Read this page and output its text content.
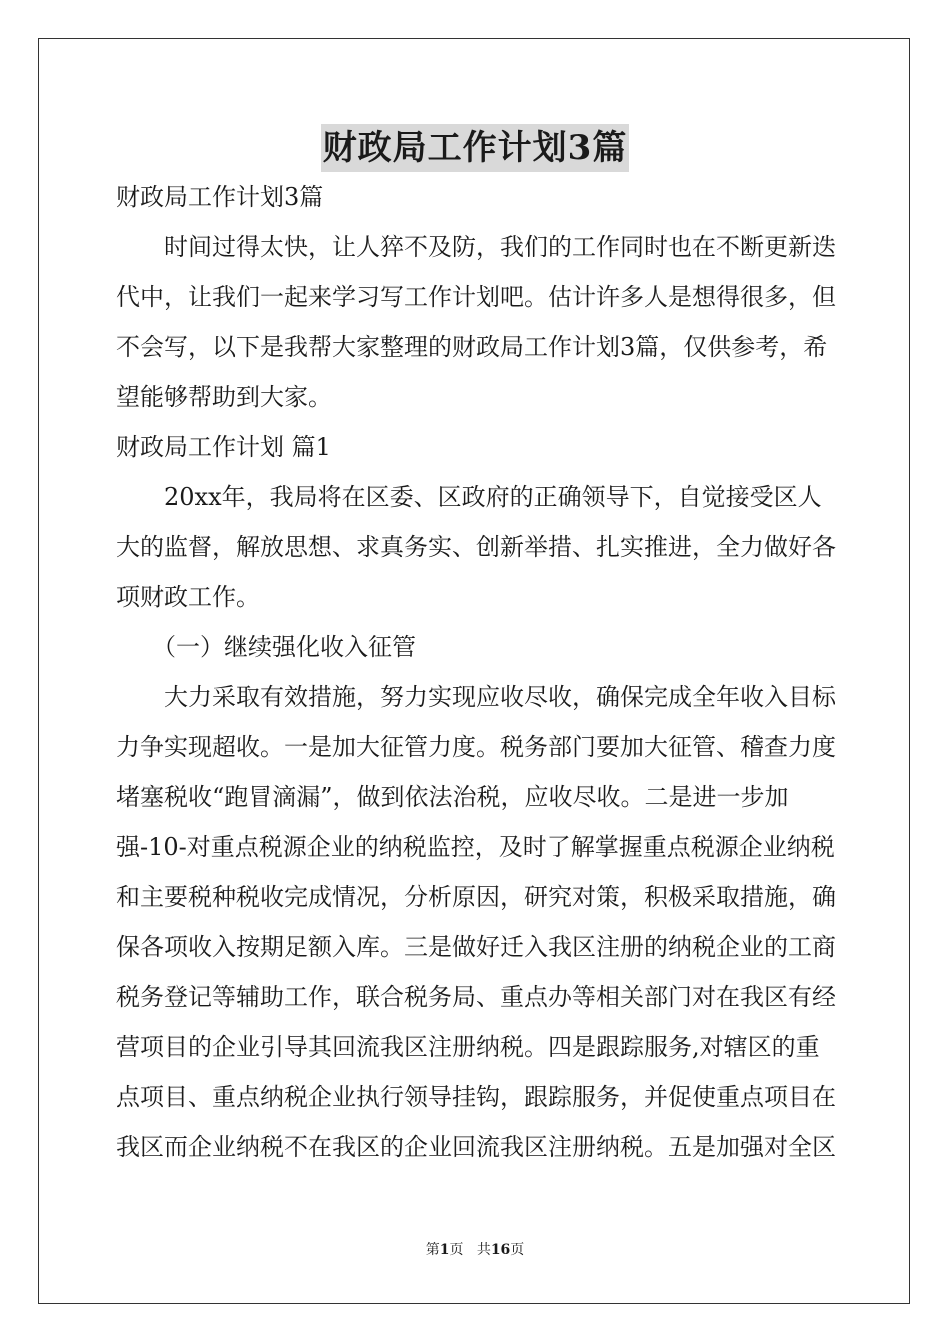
财政局工作计划3篇
财政局工作计划3篇
　　时间过得太快，让人猝不及防，我们的工作同时也在不断更新迭
代中，让我们一起来学习写工作计划吧。估计许多人是想得很多，但
不会写，以下是我帮大家整理的财政局工作计划3篇，仅供参考，希
望能够帮助到大家。
财政局工作计划 篇1
　　20xx年，我局将在区委、区政府的正确领导下，自觉接受区人
大的监督，解放思想、求真务实、创新举措、扎实推进，全力做好各
项财政工作。
　　（一）继续强化收入征管
　　大力采取有效措施，努力实现应收尽收，确保完成全年收入目标
力争实现超收。一是加大征管力度。税务部门要加大征管、稽查力度
堵塞税收“跑冒滴漏”，做到依法治税，应收尽收。二是进一步加
强-10-对重点税源企业的纳税监控，及时了解掌握重点税源企业纳税
和主要税种税收完成情况，分析原因，研究对策，积极采取措施，确
保各项收入按期足额入库。三是做好迁入我区注册的纳税企业的工商
税务登记等辅助工作，联合税务局、重点办等相关部门对在我区有经
营项目的企业引导其回流我区注册纳税。四是跟踪服务,对辖区的重
点项目、重点纳税企业执行领导挂钩，跟踪服务，并促使重点项目在
我区而企业纳税不在我区的企业回流我区注册纳税。五是加强对全区
第1页 共16页
